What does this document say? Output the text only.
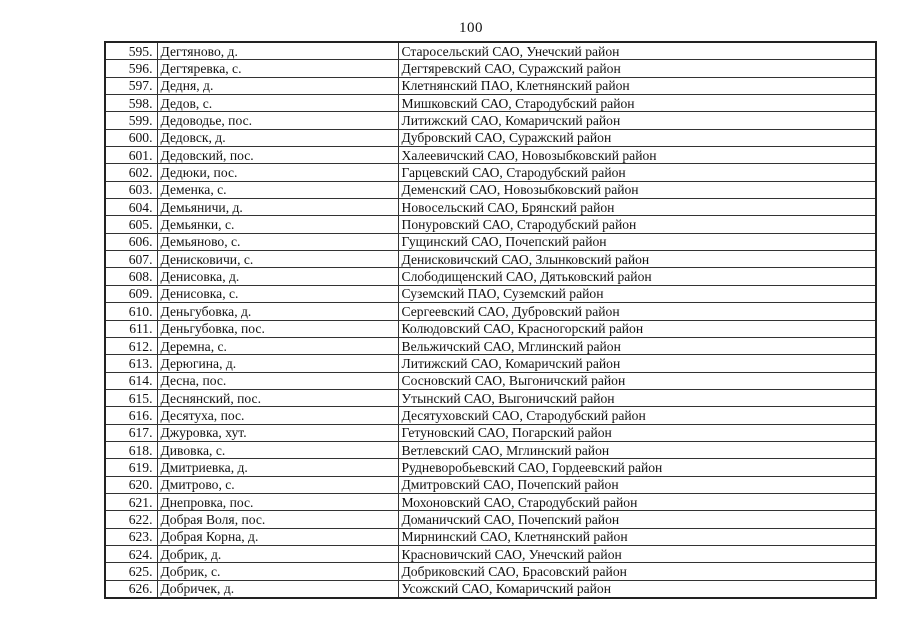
100
595.	Дегтяново, д.	Старосельский САО, Унечский район
596.	Дегтяревка, с.	Дегтяревский САО, Суражский район
597.	Дедня, д.	Клетнянский ПАО, Клетнянский район
598.	Дедов, с.	Мишковский САО, Стародубский район
599.	Дедоводье, пос.	Литижский САО, Комаричский район
600.	Дедовск, д.	Дубровский САО, Суражский район
601.	Дедовский, пос.	Халеевичский САО, Новозыбковский район
602.	Дедюки, пос.	Гарцевский САО, Стародубский район
603.	Деменка, с.	Деменский САО, Новозыбковский район
604.	Демьяничи, д.	Новосельский САО, Брянский район
605.	Демьянки, с.	Понуровский САО, Стародубский район
606.	Демьяново, с.	Гущинский САО, Почепский район
607.	Денисковичи, с.	Денисковичский САО, Злынковский район
608.	Денисовка, д.	Слободищенский САО, Дятьковский район
609.	Денисовка, с.	Суземский ПАО, Суземский район
610.	Деньгубовка, д.	Сергеевский САО, Дубровский район
611.	Деньгубовка, пос.	Колюдовский САО, Красногорский район
612.	Деремна, с.	Вельжичский САО, Мглинский район
613.	Дерюгина, д.	Литижский САО, Комаричский район
614.	Десна, пос.	Сосновский САО, Выгоничский район
615.	Деснянский, пос.	Утынский САО, Выгоничский район
616.	Десятуха, пос.	Десятуховский САО, Стародубский район
617.	Джуровка, хут.	Гетуновский САО, Погарский район
618.	Дивовка, с.	Ветлевский САО, Мглинский район
619.	Дмитриевка, д.	Рудневоробьевский САО, Гордеевский район
620.	Дмитрово, с.	Дмитровский САО, Почепский район
621.	Днепровка, пос.	Мохоновский САО, Стародубский район
622.	Добрая Воля, пос.	Доманичский САО, Почепский район
623.	Добрая Корна, д.	Мирнинский САО, Клетнянский район
624.	Добрик, д.	Красновичский САО, Унечский район
625.	Добрик, с.	Добриковский САО, Брасовский район
626.	Добричек, д.	Усожский САО, Комаричский район
